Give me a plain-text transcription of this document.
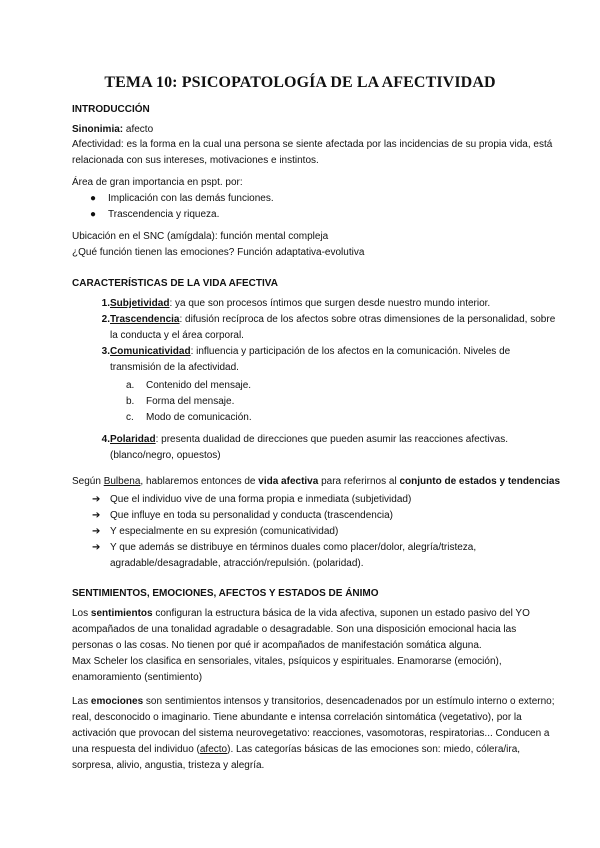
TEMA 10: PSICOPATOLOGÍA DE LA AFECTIVIDAD
INTRODUCCIÓN
Sinonimia: afecto
Afectividad: es la forma en la cual una persona se siente afectada por las incidencias de su propia vida, está
relacionada con sus intereses, motivaciones e instintos.
Área de gran importancia en pspt. por:
● Implicación con las demás funciones.
● Trascendencia y riqueza.
Ubicación en el SNC (amígdala): función mental compleja
¿Qué función tienen las emociones? Función adaptativa-evolutiva
CARACTERÍSTICAS DE LA VIDA AFECTIVA
1. Subjetividad: ya que son procesos íntimos que surgen desde nuestro mundo interior.
2. Trascendencia: difusión recíproca de los afectos sobre otras dimensiones de la personalidad, sobre
la conducta y el área corporal.
3. Comunicatividad: influencia y participación de los afectos en la comunicación. Niveles de
transmisión de la afectividad.
a. Contenido del mensaje.
b. Forma del mensaje.
c. Modo de comunicación.
4. Polaridad: presenta dualidad de direcciones que pueden asumir las reacciones afectivas.
(blanco/negro, opuestos)
Según Bulbena, hablaremos entonces de vida afectiva para referirnos al conjunto de estados y tendencias
➔ Que el individuo vive de una forma propia e inmediata (subjetividad)
➔ Que influye en toda su personalidad y conducta (trascendencia)
➔ Y especialmente en su expresión (comunicatividad)
➔ Y que además se distribuye en términos duales como placer/dolor, alegría/tristeza,
agradable/desagradable, atracción/repulsión. (polaridad).
SENTIMIENTOS, EMOCIONES, AFECTOS Y ESTADOS DE ÁNIMO
Los sentimientos configuran la estructura básica de la vida afectiva, suponen un estado pasivo del YO
acompañados de una tonalidad agradable o desagradable. Son una disposición emocional hacia las
personas o las cosas. No tienen por qué ir acompañados de manifestación somática alguna.
Max Scheler los clasifica en sensoriales, vitales, psíquicos y espirituales. Enamorarse (emoción),
enamoramiento (sentimiento)
Las emociones son sentimientos intensos y transitorios, desencadenados por un estímulo interno o externo;
real, desconocido o imaginario. Tiene abundante e intensa correlación sintomática (vegetativo), por la
activación que provocan del sistema neurovegetativo: reacciones, vasomotoras, respiratorias... Conducen a
una respuesta del individuo (afecto). Las categorías básicas de las emociones son: miedo, cólera/ira,
sorpresa, alivio, angustia, tristeza y alegría.
